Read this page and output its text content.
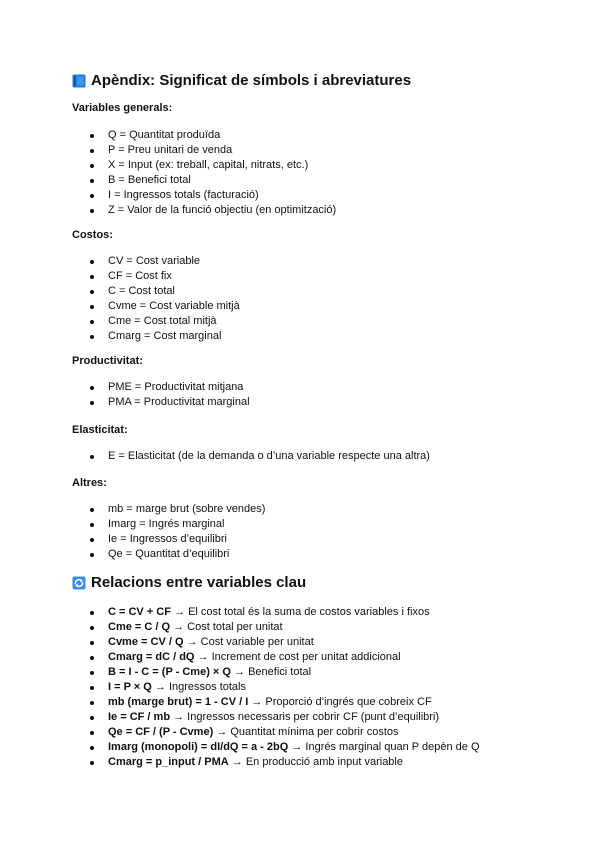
Apèndix: Significat de símbols i abreviatures
Variables generals:
Q = Quantitat produïda
P = Preu unitari de venda
X = Input (ex: treball, capital, nitrats, etc.)
B = Benefici total
I = Ingressos totals (facturació)
Z = Valor de la funció objectiu (en optimització)
Costos:
CV = Cost variable
CF = Cost fix
C = Cost total
Cvme = Cost variable mitjà
Cme = Cost total mitjà
Cmarg = Cost marginal
Productivitat:
PME = Productivitat mitjana
PMA = Productivitat marginal
Elasticitat:
E = Elasticitat (de la demanda o d’una variable respecte una altra)
Altres:
mb = marge brut (sobre vendes)
Imarg = Ingrés marginal
Ie = Ingressos d’equilibri
Qe = Quantitat d’equilibri
Relacions entre variables clau
C = CV + CF → El cost total és la suma de costos variables i fixos
Cme = C / Q → Cost total per unitat
Cvme = CV / Q → Cost variable per unitat
Cmarg = dC / dQ → Increment de cost per unitat addicional
B = I - C = (P - Cme) × Q → Benefici total
I = P × Q → Ingressos totals
mb (marge brut) = 1 - CV / I → Proporció d’ingrés que cobreix CF
Ie = CF / mb → Ingressos necessaris per cobrir CF (punt d’equilibri)
Qe = CF / (P - Cvme) → Quantitat mínima per cobrir costos
Imarg (monopoli) = dI/dQ = a - 2bQ → Ingrés marginal quan P depèn de Q
Cmarg = p_input / PMA → En producció amb input variable
